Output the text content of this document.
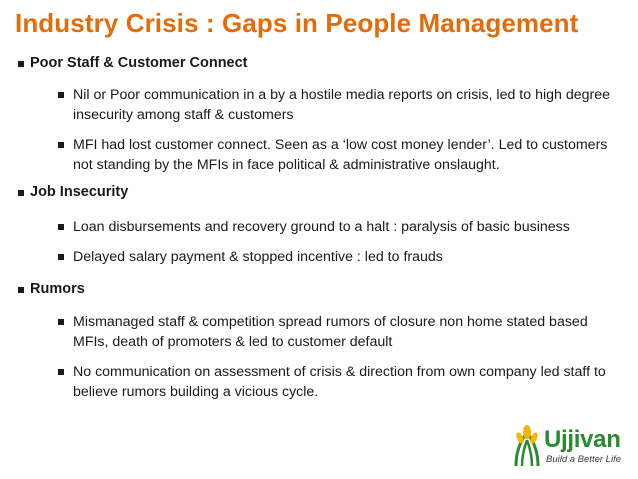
Industry Crisis : Gaps in People Management
Poor Staff & Customer Connect
Nil or Poor communication in a by a hostile media reports on crisis, led to high degree insecurity among staff & customers
MFI had lost customer connect. Seen as a ‘low cost money lender’. Led to customers not standing by the MFIs in face political & administrative onslaught.
Job Insecurity
Loan disbursements and recovery ground to a halt : paralysis of basic business
Delayed salary payment & stopped incentive : led to frauds
Rumors
Mismanaged staff & competition spread rumors of closure non home stated based MFIs, death of promoters & led to customer default
No communication on assessment of crisis & direction from own company led staff to believe rumors building a vicious cycle.
Ujjivan
Build a Better Life
